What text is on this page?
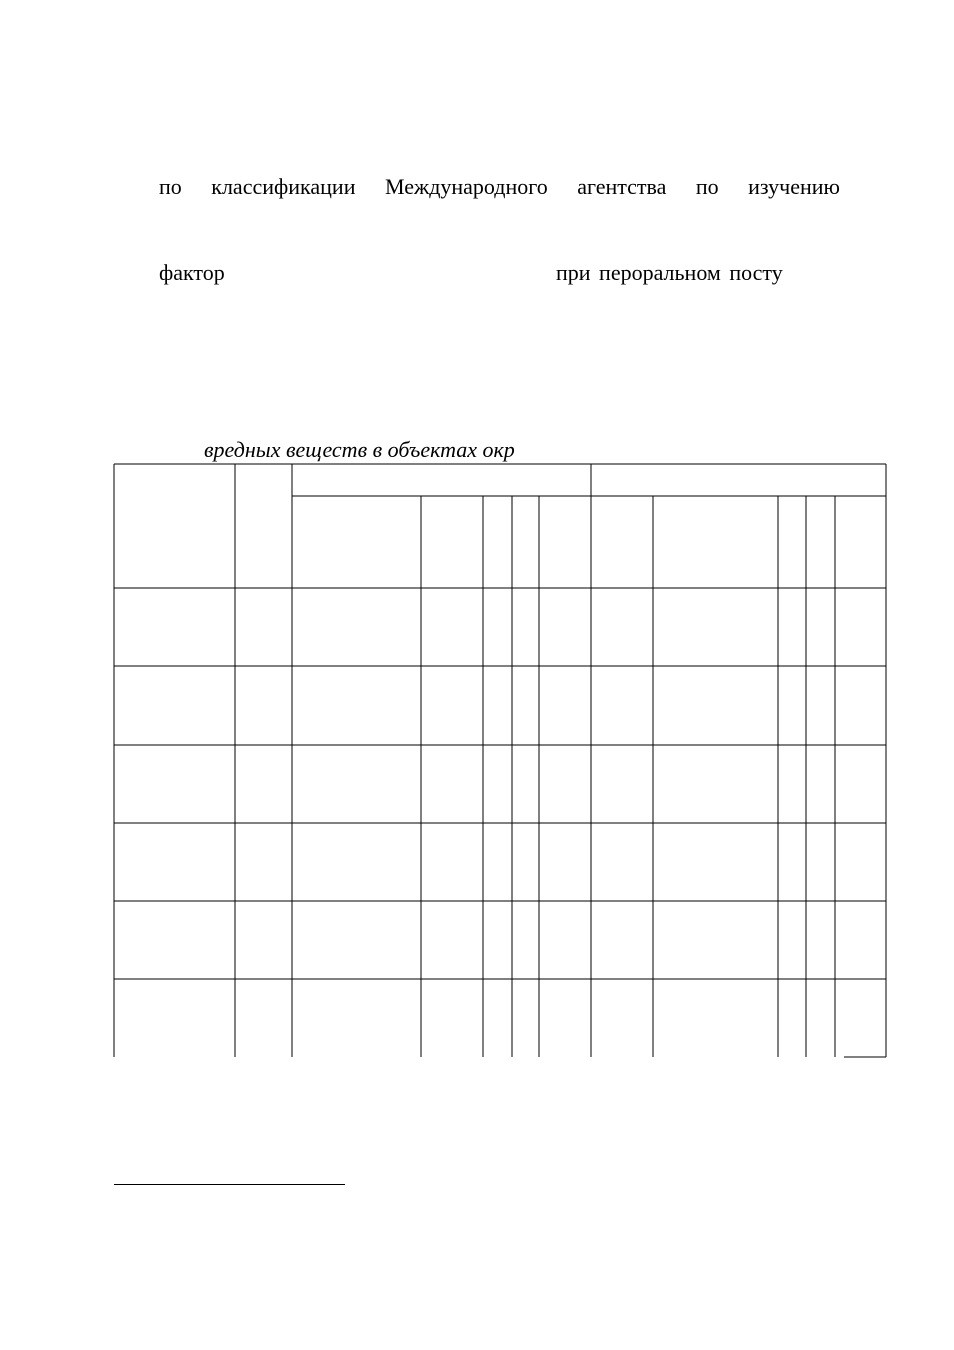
по классификации Международного агентства по изучению
фактор	при пероральном посту
вредных веществ в объектах окр
